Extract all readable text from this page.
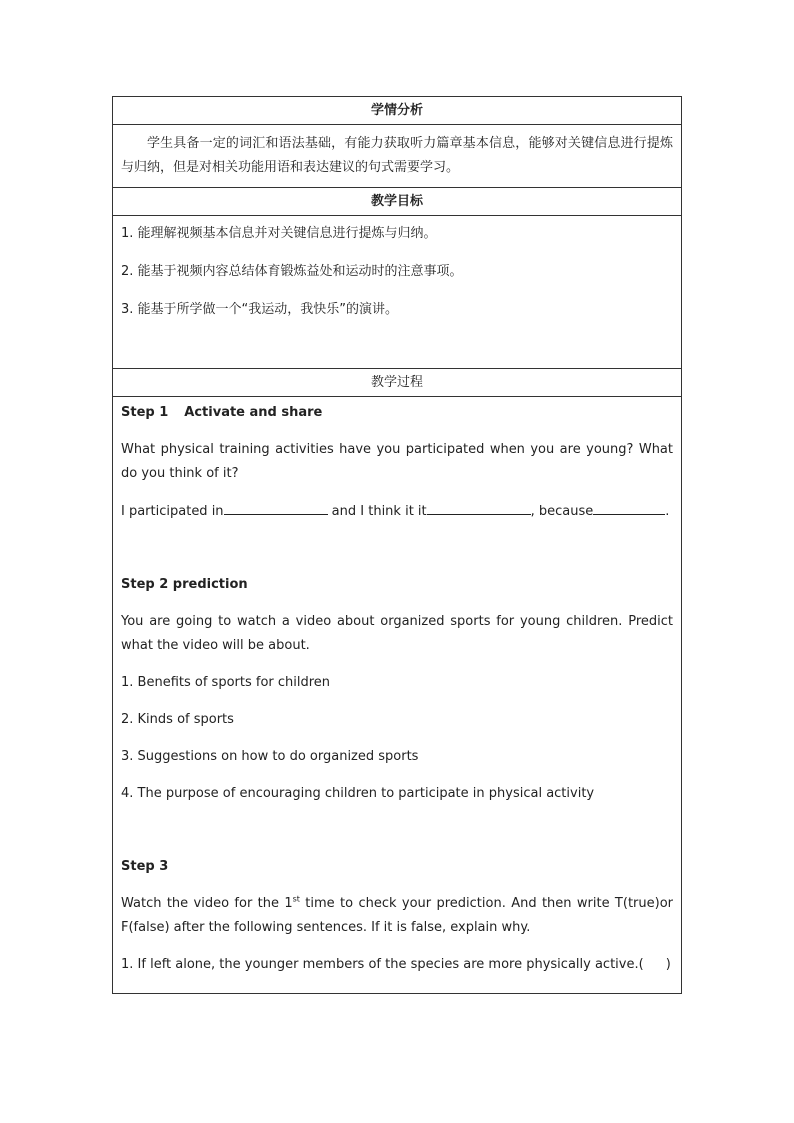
学情分析
学生具备一定的词汇和语法基础，有能力获取听力篇章基本信息，能够对关键信息进行提炼与归纳，但是对相关功能用语和表达建议的句式需要学习。
教学目标

1. 能理解视频基本信息并对关键信息进行提炼与归纳。

2. 能基于视频内容总结体育锻炼益处和运动时的注意事项。

3. 能基于所学做一个“我运动，我快乐”的演讲。

教学过程

Step 1 Activate and share

What physical training activities have you participated when you are young? What do you think of it?

I participated in	and I think it it	, because	.

Step 2 prediction

You are going to watch a video about organized sports for young children. Predict what the video will be about.

1. Benefits of sports for children

2. Kinds of sports

3. Suggestions on how to do organized sports

4. The purpose of encouraging children to participate in physical activity

Step 3

Watch the video for the 1st time to check your prediction. And then write T(true)or F(false) after the following sentences. If it is false, explain why.

1. If left alone, the younger members of the species are more physically active.( )
